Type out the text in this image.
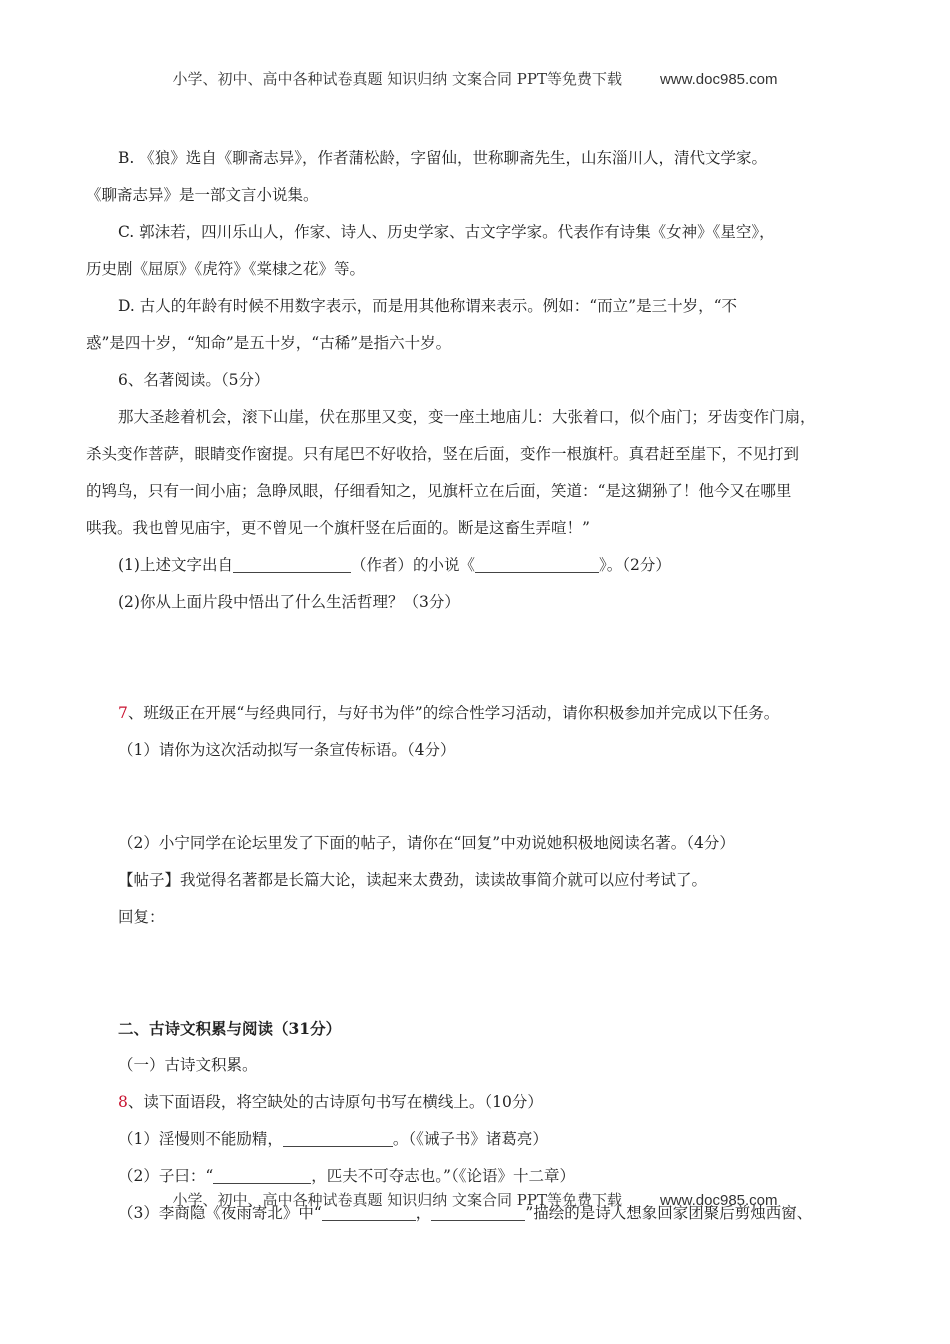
小学、初中、高中各种试卷真题 知识归纳 文案合同 PPT等免费下载	www.doc985.com
B. 《狼》选自《聊斋志异》，作者蒲松龄，字留仙，世称聊斋先生，山东淄川人，清代文学家。
《聊斋志异》是一部文言小说集。
C. 郭沫若，四川乐山人，作家、诗人、历史学家、古文字学家。代表作有诗集《女神》《星空》，
历史剧《屈原》《虎符》《棠棣之花》等。
D. 古人的年龄有时候不用数字表示，而是用其他称谓来表示。例如：“而立”是三十岁，“不
惑”是四十岁，“知命”是五十岁，“古稀”是指六十岁。
6、名著阅读。（5分）
那大圣趁着机会，滚下山崖，伏在那里又变，变一座土地庙儿：大张着口，似个庙门；牙齿变作门扇，
杀头变作菩萨，眼睛变作窗提。只有尾巴不好收拾，竖在后面，变作一根旗杆。真君赶至崖下，不见打到
的鸨鸟，只有一间小庙；急睁凤眼，仔细看知之，见旗杆立在后面，笑道：“是这猢狲了！他今又在哪里
哄我。我也曾见庙宇，更不曾见一个旗杆竖在后面的。断是这畜生弄喧！”
(1)上述文字出自	（作者）的小说《	》。（2分）
(2)你从上面片段中悟出了什么生活哲理？（3分）
7、班级正在开展“与经典同行，与好书为伴”的综合性学习活动，请你积极参加并完成以下任务。
（1）请你为这次活动拟写一条宣传标语。（4分）
（2）小宁同学在论坛里发了下面的帖子，请你在“回复”中劝说她积极地阅读名著。（4分）
【帖子】我觉得名著都是长篇大论，读起来太费劲，读读故事简介就可以应付考试了。
回复：
二、古诗文积累与阅读（31分）
（一）古诗文积累。
8、读下面语段，将空缺处的古诗原句书写在横线上。（10分）
（1）淫慢则不能励精，	。（《诫子书》诸葛亮）
（2）子曰：“	，匹夫不可夺志也。”（《论语》十二章）
（3）李商隐《夜雨寄北》中“	，	”描绘的是诗人想象回家团聚后剪烛西窗、
小学、初中、高中各种试卷真题 知识归纳 文案合同 PPT等免费下载	www.doc985.com
